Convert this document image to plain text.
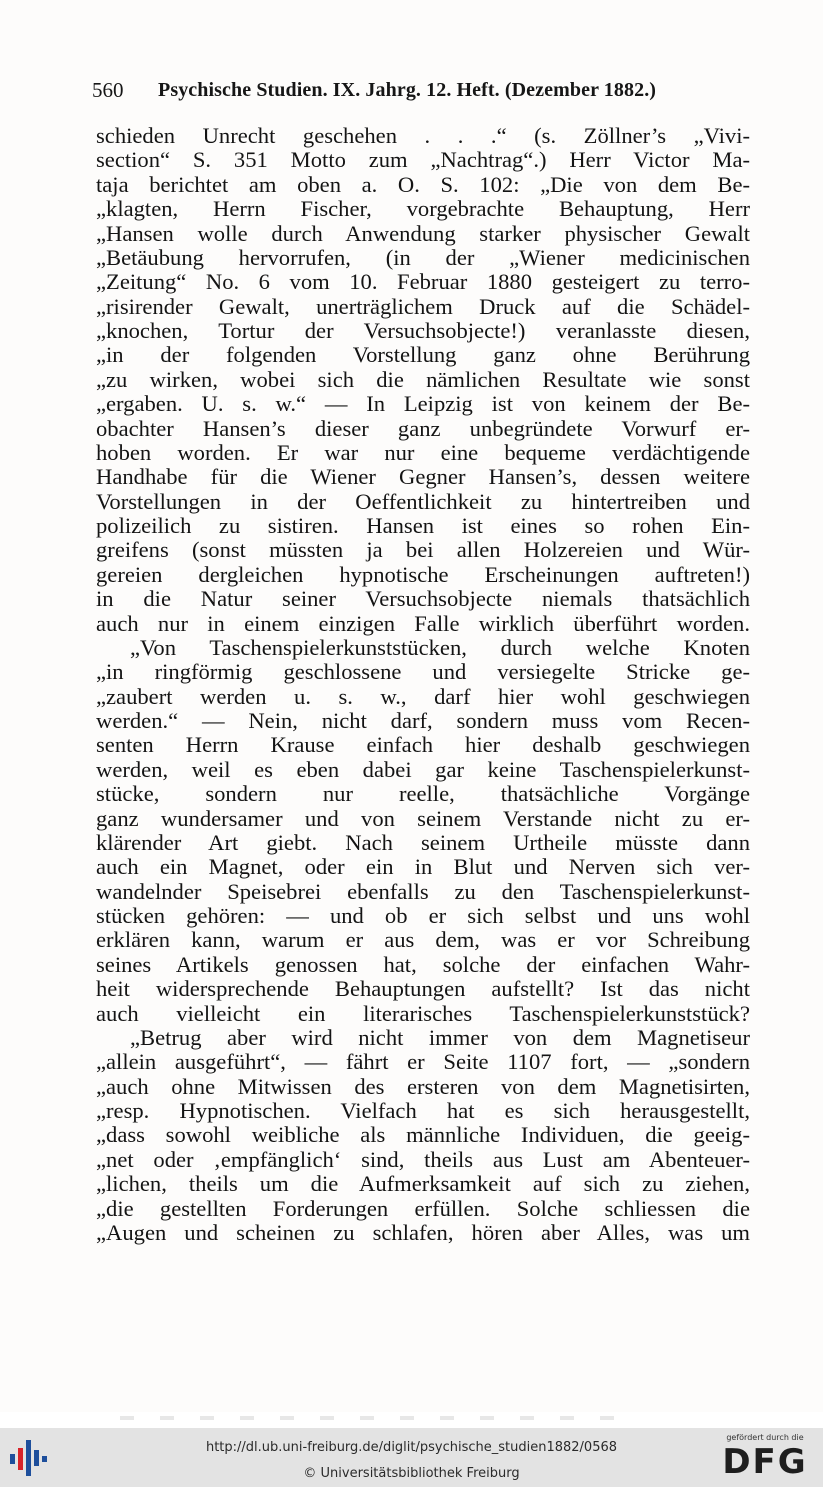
560 Psychische Studien. IX. Jahrg. 12. Heft. (Dezember 1882.)
schieden Unrecht geschehen . . .“ (s. Zöllner’s „Vivi-
section“ S. 351 Motto zum „Nachtrag“.) Herr Victor Ma-
taja berichtet am oben a. O. S. 102: „Die von dem Be-
„klagten, Herrn Fischer, vorgebrachte Behauptung, Herr
„Hansen wolle durch Anwendung starker physischer Gewalt
„Betäubung hervorrufen, (in der „Wiener medicinischen
„Zeitung“ No. 6 vom 10. Februar 1880 gesteigert zu terro-
„risirender Gewalt, unerträglichem Druck auf die Schädel-
„knochen, Tortur der Versuchsobjecte!) veranlasste diesen,
„in der folgenden Vorstellung ganz ohne Berührung
„zu wirken, wobei sich die nämlichen Resultate wie sonst
„ergaben. U. s. w.“ — In Leipzig ist von keinem der Be-
obachter Hansen’s dieser ganz unbegründete Vorwurf er-
hoben worden. Er war nur eine bequeme verdächtigende
Handhabe für die Wiener Gegner Hansen’s, dessen weitere
Vorstellungen in der Oeffentlichkeit zu hintertreiben und
polizeilich zu sistiren. Hansen ist eines so rohen Ein-
greifens (sonst müssten ja bei allen Holzereien und Wür-
gereien dergleichen hypnotische Erscheinungen auftreten!)
in die Natur seiner Versuchsobjecte niemals thatsächlich
auch nur in einem einzigen Falle wirklich überführt worden.
„Von Taschenspielerkunststücken, durch welche Knoten
„in ringförmig geschlossene und versiegelte Stricke ge-
„zaubert werden u. s. w., darf hier wohl geschwiegen
werden.“ — Nein, nicht darf, sondern muss vom Recen-
senten Herrn Krause einfach hier deshalb geschwiegen
werden, weil es eben dabei gar keine Taschenspielerkunst-
stücke, sondern nur reelle, thatsächliche Vorgänge
ganz wundersamer und von seinem Verstande nicht zu er-
klärender Art giebt. Nach seinem Urtheile müsste dann
auch ein Magnet, oder ein in Blut und Nerven sich ver-
wandelnder Speisebrei ebenfalls zu den Taschenspielerkunst-
stücken gehören: — und ob er sich selbst und uns wohl
erklären kann, warum er aus dem, was er vor Schreibung
seines Artikels genossen hat, solche der einfachen Wahr-
heit widersprechende Behauptungen aufstellt? Ist das nicht
auch vielleicht ein literarisches Taschenspielerkunststück?
„Betrug aber wird nicht immer von dem Magnetiseur
„allein ausgeführt“, — fährt er Seite 1107 fort, — „sondern
„auch ohne Mitwissen des ersteren von dem Magnetisirten,
„resp. Hypnotischen. Vielfach hat es sich herausgestellt,
„dass sowohl weibliche als männliche Individuen, die geeig-
„net oder ‚empfänglich‘ sind, theils aus Lust am Abenteuer-
„lichen, theils um die Aufmerksamkeit auf sich zu ziehen,
„die gestellten Forderungen erfüllen. Solche schliessen die
„Augen und scheinen zu schlafen, hören aber Alles, was um
http://dl.ub.uni-freiburg.de/diglit/psychische_studien1882/0568
© Universitätsbibliothek Freiburg
gefördert durch die
DFG
